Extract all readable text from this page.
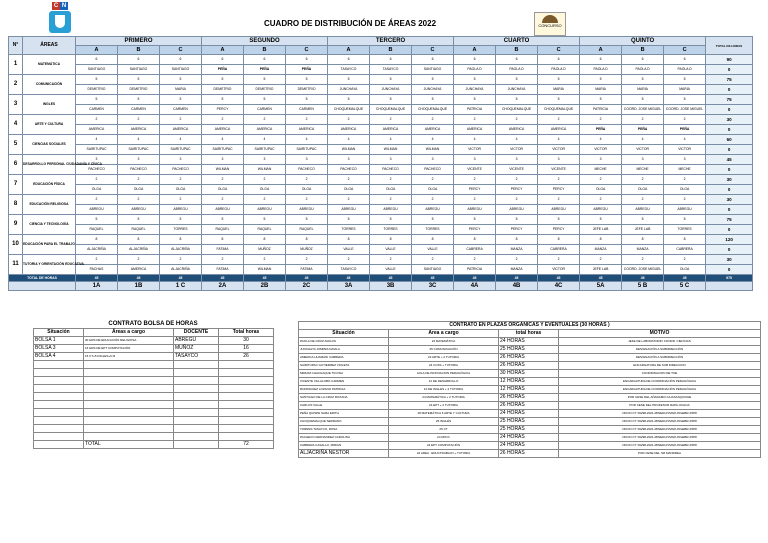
C N
CUADRO DE DISTRIBUCIÓN DE ÁREAS 2022	CONCURSO
N°	ÁREAS	PRIMERO			SEGUNDO			TERCERO			CUARTO			QUINTO			TOTAL DE HORAS
		A	B	C	A	B	C	A	B	C	A	B	C	A	B	C	
1	MATEMÁTICA	6	6	6	6	6	6	6	6	6	6	6	6	6	6	6	90
		SANTIAGO	SANTIAGO	SANTIAGO	PEÑA	PEÑA	PEÑA	TASAYCO	TASAYCO	SANTIAGO	PAOLA D	PAOLA D	PAOLA D	PAOLA D	PAOLA D	PAOLA D	0
2	COMUNICACIÓN	5	5	5	5	5	5	5	5	5	5	5	5	5	5	5	75
		DEMETRIO	DEMETRIO	MARIA	DEMETRIO	DEMETRIO	DEMETRIO	JUNCHAYA	JUNCHAYA	JUNCHAYA	JUNCHAYA	JUNCHAYA	MARIA	MARIA	MARIA	MARIA	0
3	INGLES	5	5	5	5	5	5	5	5	5	5	5	5	5	5	5	75
		CARMEN	CARMEN	CARMEN	PERCY	CARMEN	CARMEN	CHOQUEMALQUE	CHOQUEMALQUE	CHOQUEMALQUE	PATRICIA	CHOQUEMALQUE	CHOQUEMALQUE	PATRICIA	COORD. JOSE MIGUEL	COORD. JOSE MIGUEL	0
4	ARTE Y CULTURA	2	2	2	2	2	2	2	2	2	2	2	2	2	2	2	30
		AMERICA	AMERICA	AMERICA	AMERICA	AMERICA	AMERICA	AMERICA	AMERICA	AMERICA	AMERICA	AMERICA	AMERICA	PEÑA	PEÑA	PEÑA	0
5	CIENCIAS SOCIALES	4	4	4	4	4	4	4	4	4	4	4	4	4	4	4	60
		SAIRITUPAC	SAIRITUPAC	SAIRITUPAC	SAIRITUPAC	SAIRITUPAC	SAIRITUPAC	WILMAN	WILMAN	WILMAN	VICTOR	VICTOR	VICTOR	VICTOR	VICTOR	VICTOR	0
6	DESARROLLO PERSONAL CIUDADANÍA Y CÍVICA	3	3	3	3	3	3	3	3	3	3	3	3	3	3	3	45
		PACHECO	PACHECO	PACHECO	WILMAN	WILMAN	PACHECO	PACHECO	PACHECO	PACHECO	VICENTE	VICENTE	VICENTE	MECHE	MECHE	MECHE	0
7	EDUCACIÓN FÍSICA	2	2	2	2	2	2	2	2	2	2	2	2	2	2	2	30
		OLGA	OLGA	OLGA	OLGA	OLGA	OLGA	OLGA	OLGA	OLGA	PERCY	PERCY	PERCY	OLGA	OLGA	OLGA	0
8	EDUCACIÓN RELIGIOSA	2	2	2	2	2	2	2	2	2	2	2	2	2	2	2	30
		ABREGU	ABREGU	ABREGU	ABREGU	ABREGU	ABREGU	ABREGU	ABREGU	ABREGU	ABREGU	ABREGU	ABREGU	ABREGU	ABREGU	ABREGU	0
9	CIENCIA Y TECNOLOGÍA	5	5	5	5	5	5	5	5	5	5	5	5	5	5	5	75
		RAQUEL	RAQUEL	TORRES	RAQUEL	RAQUEL	RAQUEL	TORRES	TORRES	TORRES	PERCY	PERCY	PERCY	JEFE LAB	JEFE LAB	TORRES	0
10	EDUCACIÓN PARA EL TRABAJO	8	8	8	8	8	8	8	8	8	8	8	8	8	8	8	120
		ALJACRIÑA	ALJACRIÑA	ALJACRIÑA	FATIMA	MUÑOZ	MUÑOZ	VALLE	VALLE	VALLE	CABRERA	MANZA	CABRERA	MANZA	MANZA	CABRERA	0
11	TUTORIA Y ORIENTACIÓN EDUCATIVA	2	2	2	2	2	2	2	2	2	2	2	2	2	2	2	30
		PACHAS	AMERICA	ALJACRIÑA	FATIMA	WILMAN	FATIMA	TASAYCO	VALLE	SANTIAGO	PATRICIA	MANZA	VICTOR	JEFE LAB	COORD. JOSE MIGUEL	OLGA	0
TOTAL DE HORAS		45	45	45	45	45	45	45	45	45	45	45	45	45	45	45	675
		1A	1B	1 C	2A	2B	2C	3A	3B	3C	4A	4B	4C	5A	5 B	5 C	
CONTRATO BOLSA DE HORAS
Situación	Áreas a cargo	DOCENTE	Total horas
BOLSA 1	30 HRS DE EDUCACIÓN RELIGIOSA	ABREGU	30
BOLSA 3	16 HRS DE EPT COMPUTACIÓN	MUÑOZ	16
BOLSA 4	15 CT+5 INGLES+6 M	TASAYCO	26

	TOTAL		72
CONTRATO EN PLAZAS ORGANICAS Y EVENTUALES (30 HORAS )			
Situación	Area a cargo	total horas	MOTIVO
PAOLA DE CRUZ AVALOS	24 MATEMÁTICA	24 HORAS	JEFE DE LABORATORIO COORD. CIENCIAS
JUNCHAYA JUMPES DAVILA	25 COMUNICACIÓN	25 HORAS	DESIGNACIÓN A SUBDIRECCIÓN
AMERICA HUAMANI CABRERA	24 ARTE + 2 TUTORIA	26 HORAS	DESIGNACIÓN A SUBDIRECCIÓN
SAIRITUPAC GUTIERREZ VIOLETA	24 CCSS + TUTORIA	26 HORAS	ENCARGATURA DE SUB DIRECCION
MIRIAM CHACHAQUE TICONA	AULA DE INNOVACION PEDAGÓGICA	30 HORAS	COORDINACION DE TOE
VICENTE VILLALOBO CARMEN	12 DE DESARROLLO	12 HORAS	ENCARGATURA DE COORDINACIÓN PEDAGÓGICA
RODRIGUEZ LOZANO PATRICIA	10 DE INGLES + 2 TUTORIA	12 HORAS	ENCARGATURA DE COORDINACIÓN PEDAGÓGICA
SANTIAGO DE LA CRUZ ROXANA	24 MATEMÁTICA + 2 TUTORIA	26 HORAS	POR CESE DEL AÑADAMIO HUASASQUICHE
CARLOS VALLE	24 EPT + 2 TUTORIA	26 HORAS	POR CESE DEL PROFESOR RAPA OCHOA
PEÑA QUISPE SARA EDITH	18 MATEMÁTICA 6 ARTE Y CULTURA	24 HORAS	OFICIO N° 00298-2021-MINEDU/VMGP-DIGEBR-DIPR
CHOQUEMALQUE SERRANO	25 INGLÉS	25 HORAS	OFICIO N° 00298-2021-MINEDU/VMGP-DIGEBR-DIPR
TORRES TASAYCO, ROSA	25 CT	25 HORAS	OFICIO N° 00298-2021-MINEDU/VMGP-DIGEBR-DIPR
PACHECO FERNANDEZ CAROLINA	24 DPCC	24 HORAS	OFICIO N° 00298-2021-MINEDU/VMGP-DIGEBR-DIPR
CABRERA CASALLO, MIRIAN	24 EPT COMPUTACIÓN	24 HORAS	OFICIO N° 00298-2021-MINEDU/VMGP-DIGEBR-DIPR
ALJACRIÑA NESTOR	24 AREA : EDUCTRABAJO + TUTORIA	26 HORAS	POR CESE DEL SR MANDREA
